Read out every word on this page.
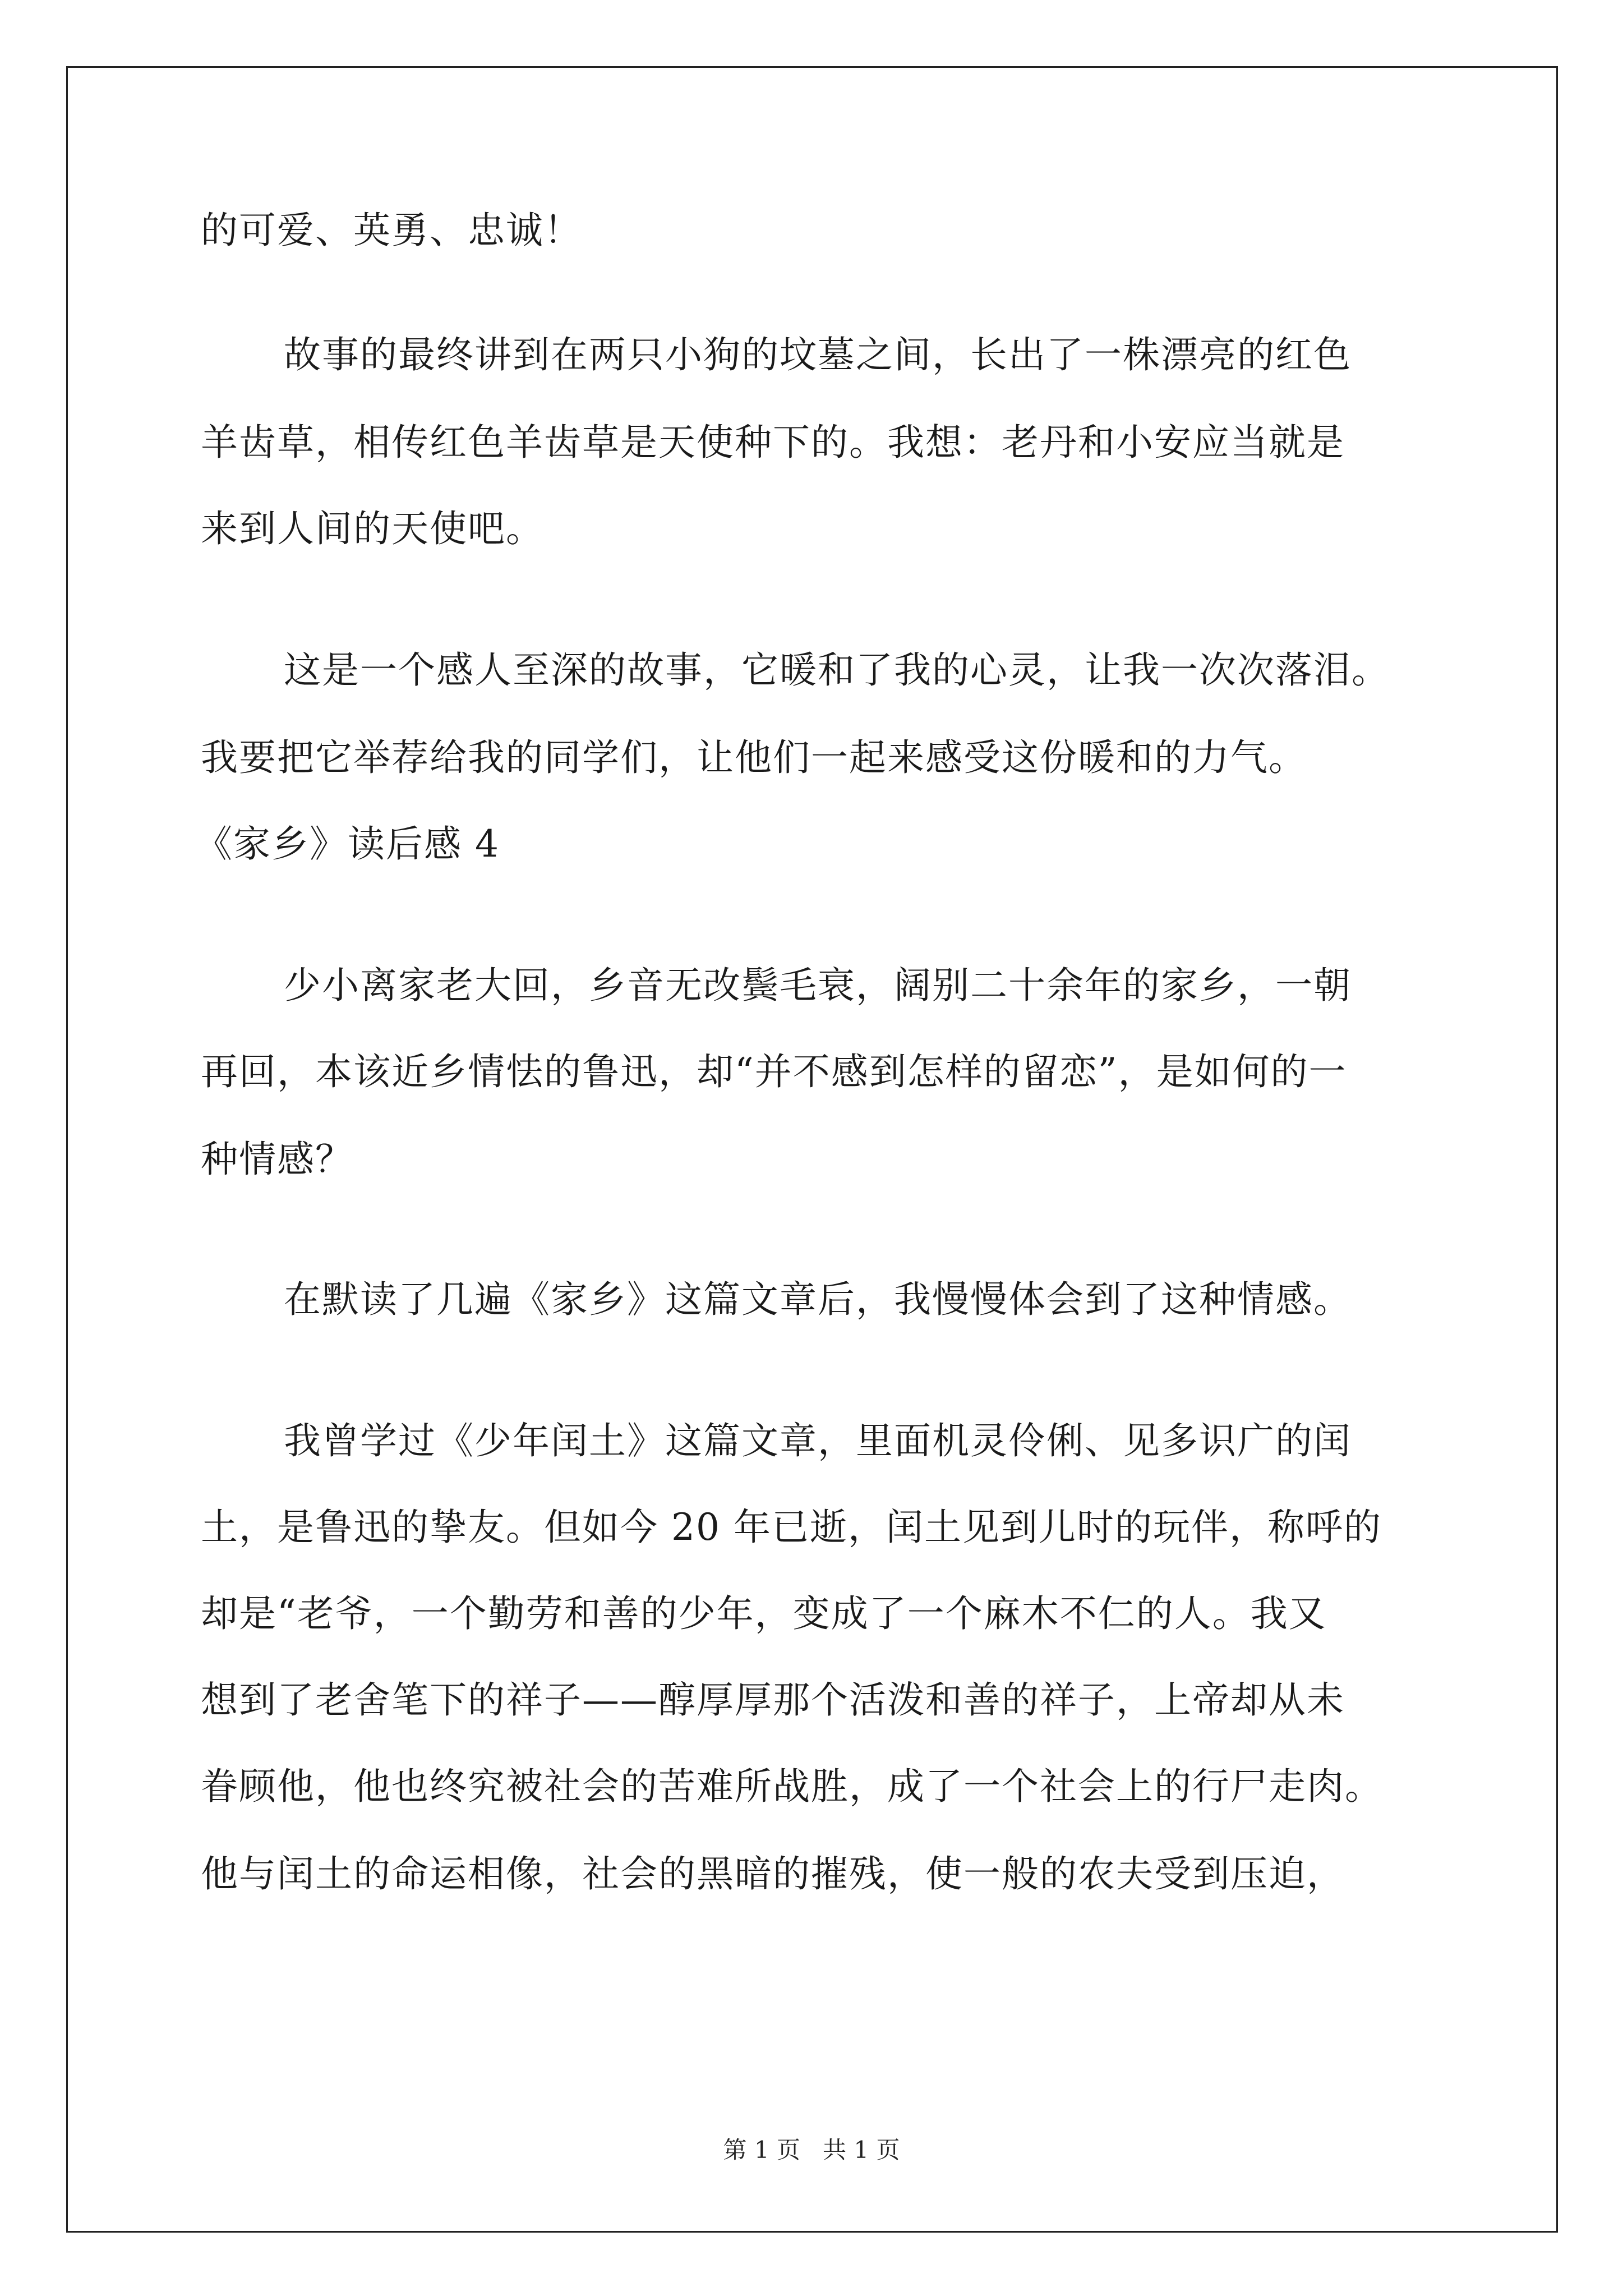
的可爱、英勇、忠诚！

故事的最终讲到在两只小狗的坟墓之间，长出了一株漂亮的红色

羊齿草，相传红色羊齿草是天使种下的。我想：老丹和小安应当就是

来到人间的天使吧。

这是一个感人至深的故事，它暖和了我的心灵，让我一次次落泪。

我要把它举荐给我的同学们，让他们一起来感受这份暖和的力气。

《家乡》读后感 4

少小离家老大回，乡音无改鬓毛衰，阔别二十余年的家乡，一朝

再回，本该近乡情怯的鲁迅，却“并不感到怎样的留恋”，是如何的一

种情感？

在默读了几遍《家乡》这篇文章后，我慢慢体会到了这种情感。

我曾学过《少年闰土》这篇文章，里面机灵伶俐、见多识广的闰

土，是鲁迅的挚友。但如今 20 年已逝，闰土见到儿时的玩伴，称呼的

却是“老爷，一个勤劳和善的少年，变成了一个麻木不仁的人。我又

想到了老舍笔下的祥子——醇厚厚那个活泼和善的祥子，上帝却从未

眷顾他，他也终究被社会的苦难所战胜，成了一个社会上的行尸走肉。

他与闰土的命运相像，社会的黑暗的摧残，使一般的农夫受到压迫，

第 1 页   共 1 页
